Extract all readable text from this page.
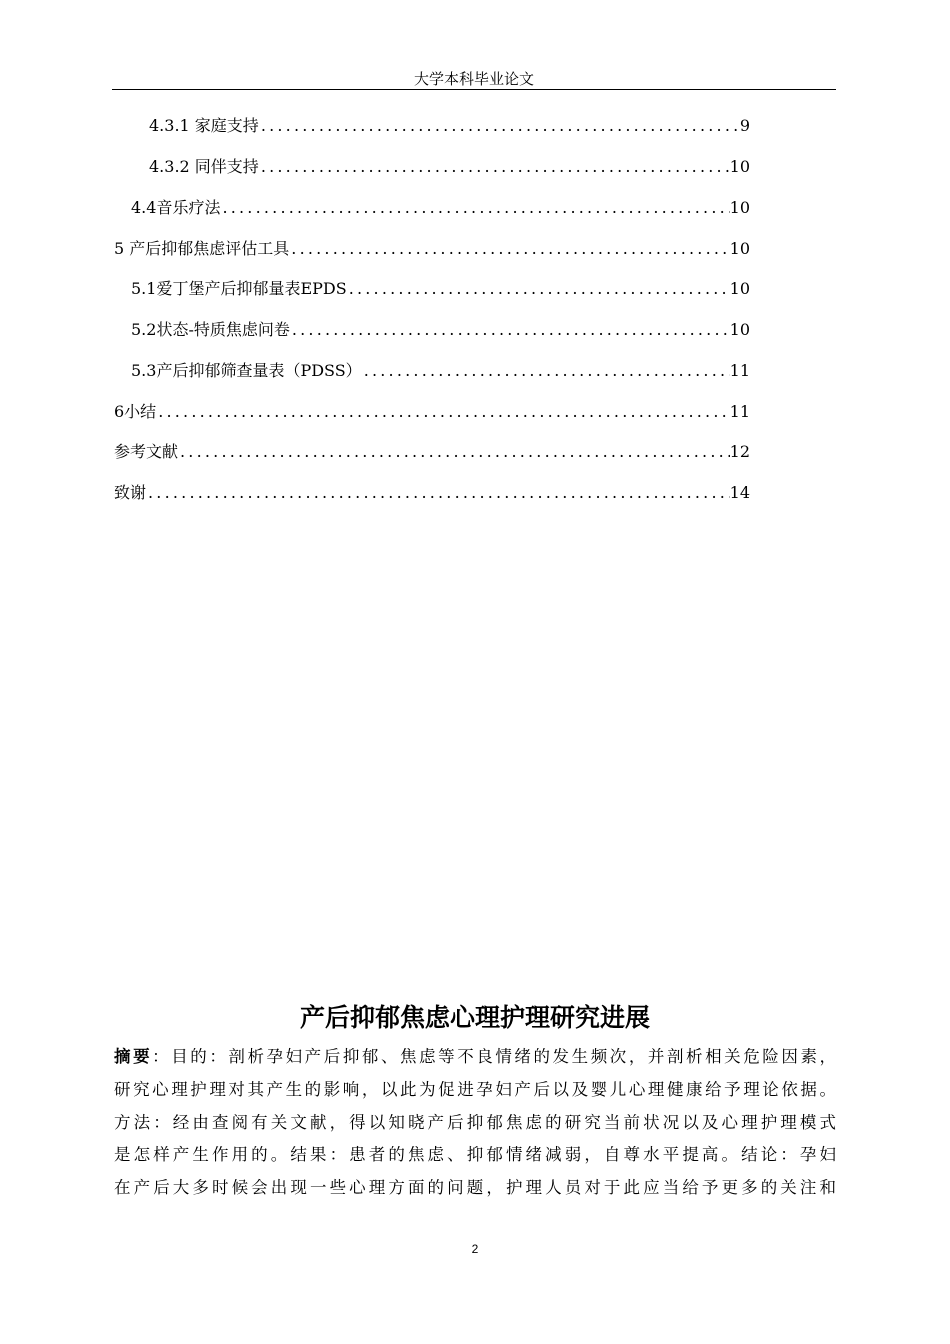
大学本科毕业论文
4.3.1 家庭支持 .....	9
4.3.2 同伴支持 .....	10
4.4音乐疗法 .....	10
5 产后抑郁焦虑评估工具 .....	10
5.1爱丁堡产后抑郁量表EPDS .....	10
5.2状态-特质焦虑问卷 .....	10
5.3产后抑郁筛查量表（PDSS） .....	11
6小结 .....	11
参考文献 .....	12
致谢 .....	14
产后抑郁焦虑心理护理研究进展
摘要：目的：剖析孕妇产后抑郁、焦虑等不良情绪的发生频次，并剖析相关危险因素，
研究心理护理对其产生的影响，以此为促进孕妇产后以及婴儿心理健康给予理论依据。
方法：经由查阅有关文献，得以知晓产后抑郁焦虑的研究当前状况以及心理护理模式
是怎样产生作用的。结果：患者的焦虑、抑郁情绪减弱，自尊水平提高。结论：孕妇
在产后大多时候会出现一些心理方面的问题，护理人员对于此应当给予更多的关注和
2
